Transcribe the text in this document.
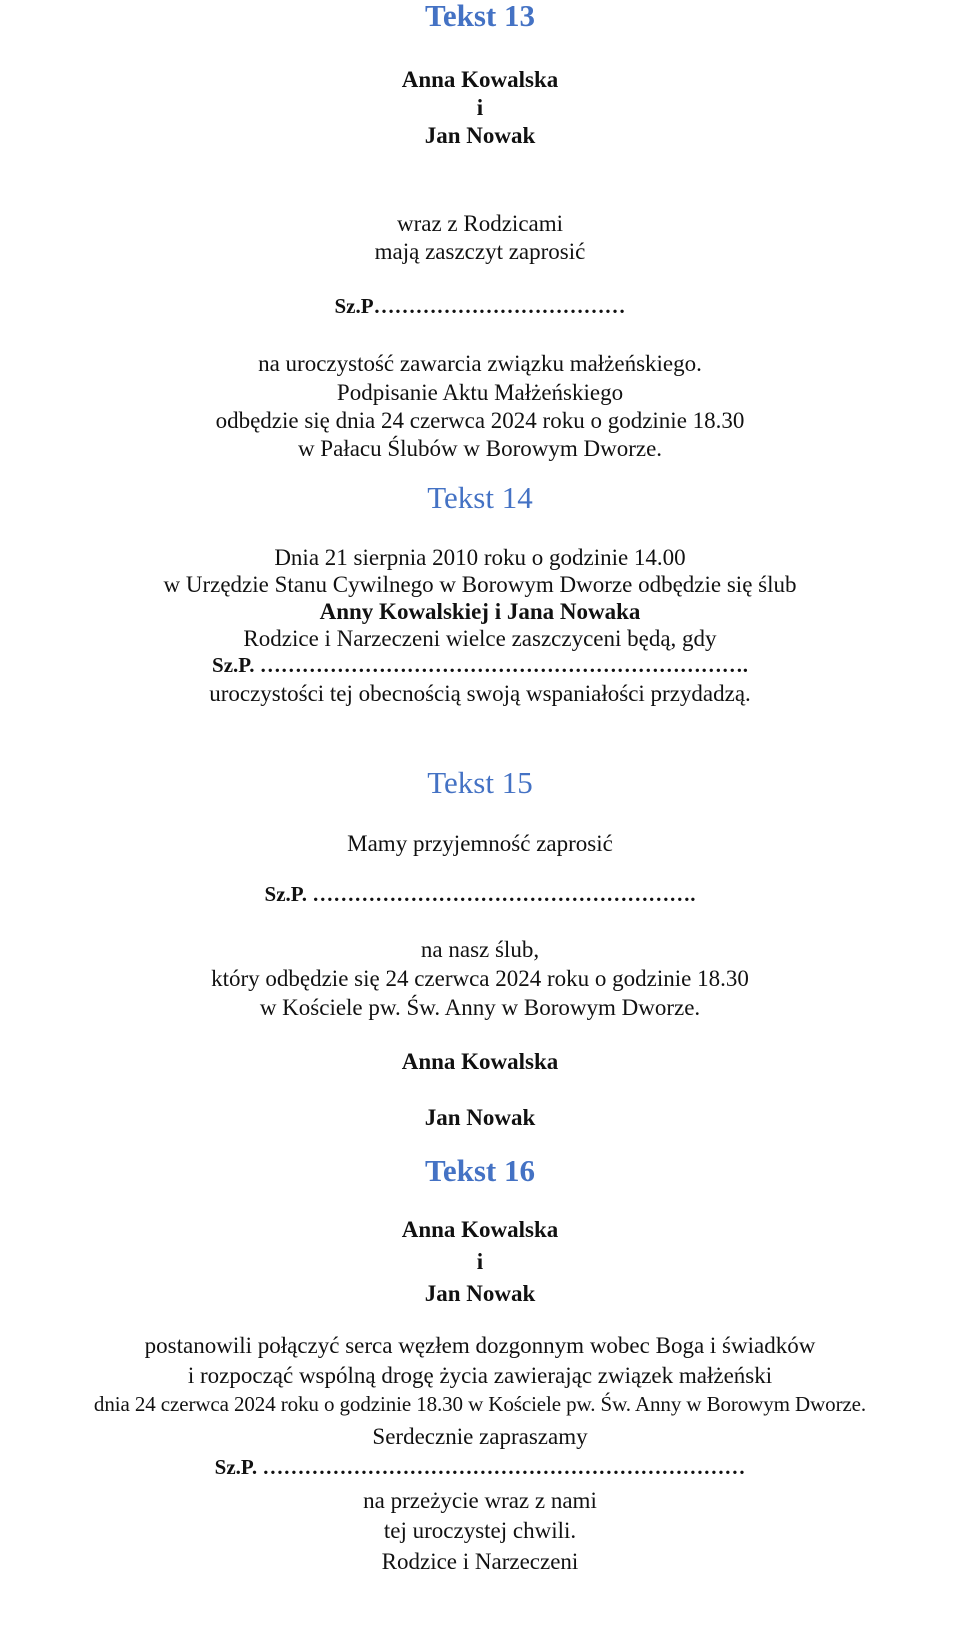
Tekst 13
Anna Kowalska
i
Jan Nowak
wraz z Rodzicami
mają zaszczyt zaprosić
Sz.P………………………………
na uroczystość zawarcia związku małżeńskiego.
Podpisanie Aktu Małżeńskiego
odbędzie się dnia 24 czerwca 2024 roku o godzinie 18.30
w Pałacu Ślubów w Borowym Dworze.
Tekst 14
Dnia 21 sierpnia 2010 roku o godzinie 14.00
w Urzędzie Stanu Cywilnego w Borowym Dworze odbędzie się ślub
Anny Kowalskiej i Jana Nowaka
Rodzice i Narzeczeni wielce zaszczyceni będą, gdy
Sz.P. …………………………………………………………….
uroczystości tej obecnością swoją wspaniałości przydadzą.
Tekst 15
Mamy przyjemność zaprosić
Sz.P. ……………………………………………….
na nasz ślub,
który odbędzie się 24 czerwca 2024 roku o godzinie 18.30
w Kościele pw. Św. Anny w Borowym Dworze.
Anna Kowalska
Jan Nowak
Tekst 16
Anna Kowalska
i
Jan Nowak
postanowili połączyć serca węzłem dozgonnym wobec Boga i świadków
i rozpocząć wspólną drogę życia zawierając związek małżeński
dnia 24 czerwca 2024 roku o godzinie 18.30 w Kościele pw. Św. Anny w Borowym Dworze.
Serdecznie zapraszamy
Sz.P. ……………………………………………………………
na przeżycie wraz z nami
tej uroczystej chwili.
Rodzice i Narzeczeni
